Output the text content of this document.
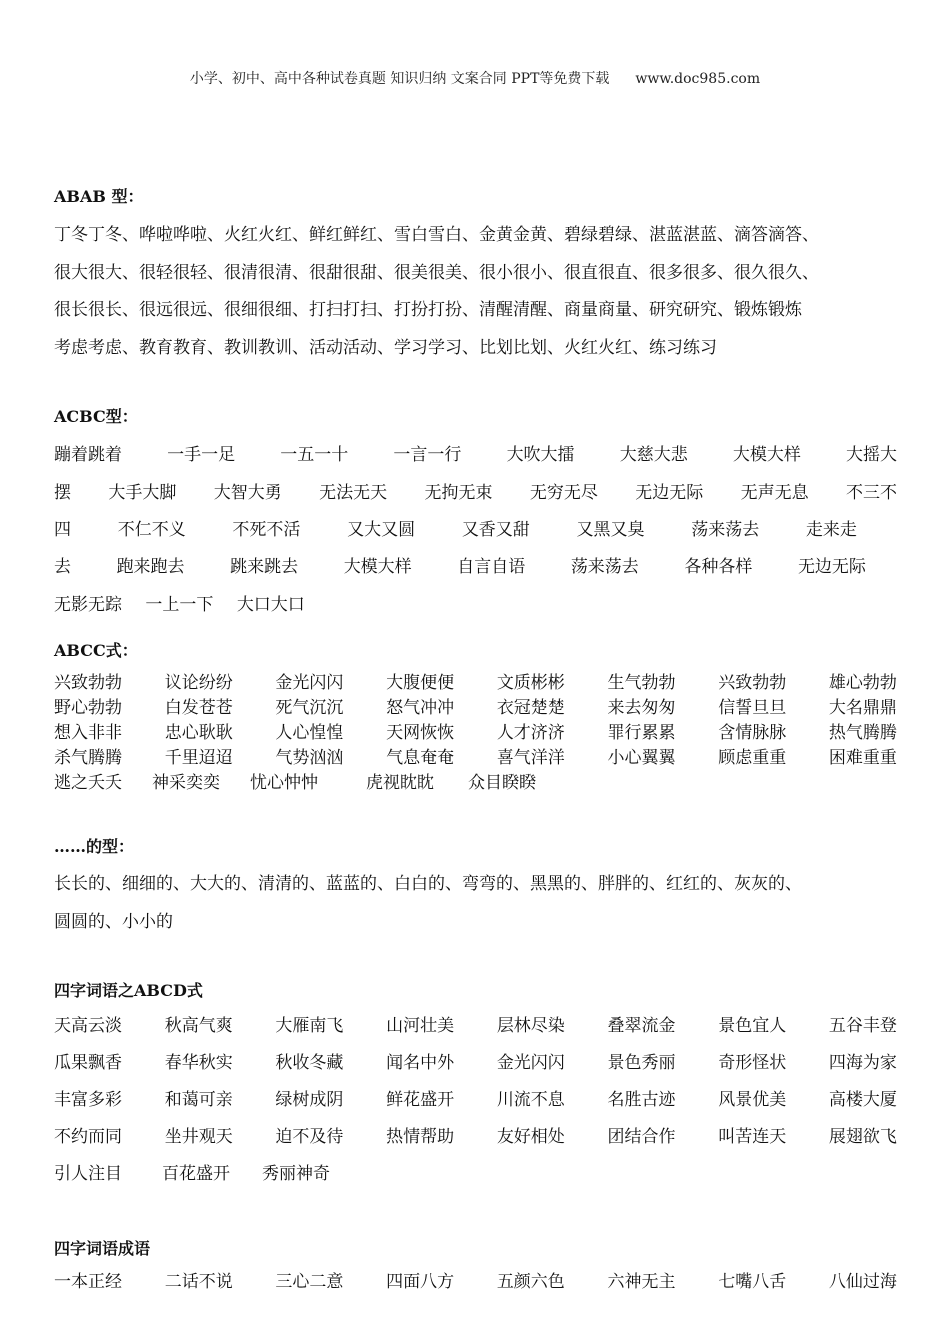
小学、初中、高中各种试卷真题 知识归纳 文案合同 PPT等免费下载 www.doc985.com
ABAB 型：
丁冬丁冬、哗啦哗啦、火红火红、鲜红鲜红、雪白雪白、金黄金黄、碧绿碧绿、湛蓝湛蓝、滴答滴答、
很大很大、很轻很轻、很清很清、很甜很甜、很美很美、很小很小、很直很直、很多很多、很久很久、
很长很长、很远很远、很细很细、打扫打扫、打扮打扮、清醒清醒、商量商量、研究研究、锻炼锻炼
考虑考虑、教育教育、教训教训、活动活动、学习学习、比划比划、火红火红、练习练习
ACBC型：
蹦着跳着	一手一足	一五一十	一言一行	大吹大擂	大慈大悲	大模大样	大摇大
摆 大手大脚 大智大勇 无法无天 无拘无束 无穷无尽 无边无际 无声无息 不三不
四	不仁不义	不死不活	又大又圆	又香又甜	又黑又臭	荡来荡去	走来走
去	跑来跑去	跳来跳去	大模大样	自言自语	荡来荡去	各种各样	无边无际
无影无踪 一上一下 大口大口
ABCC式：
兴致勃勃	议论纷纷	金光闪闪	大腹便便	文质彬彬	生气勃勃	兴致勃勃	雄心勃勃
野心勃勃	白发苍苍	死气沉沉	怒气冲冲	衣冠楚楚	来去匆匆	信誓旦旦	大名鼎鼎
想入非非	忠心耿耿	人心惶惶	天网恢恢	人才济济	罪行累累	含情脉脉	热气腾腾
杀气腾腾	千里迢迢	气势汹汹	气息奄奄	喜气洋洋	小心翼翼	顾虑重重	困难重重
逃之夭夭 神采奕奕 忧心忡忡	虎视眈眈 众目睽睽
……的型：
长长的、细细的、大大的、清清的、蓝蓝的、白白的、弯弯的、黑黑的、胖胖的、红红的、灰灰的、
圆圆的、小小的
四字词语之ABCD式
天高云淡	秋高气爽	大雁南飞	山河壮美	层林尽染	叠翠流金	景色宜人	五谷丰登
瓜果飘香	春华秋实	秋收冬藏	闻名中外	金光闪闪	景色秀丽	奇形怪状	四海为家
丰富多彩	和蔼可亲	绿树成阴	鲜花盛开	川流不息	名胜古迹	风景优美	高楼大厦
不约而同	坐井观天	迫不及待	热情帮助	友好相处	团结合作	叫苦连天	展翅欲飞
引人注目 百花盛开 秀丽神奇
四字词语成语
一本正经	二话不说	三心二意	四面八方	五颜六色	六神无主	七嘴八舌	八仙过海
